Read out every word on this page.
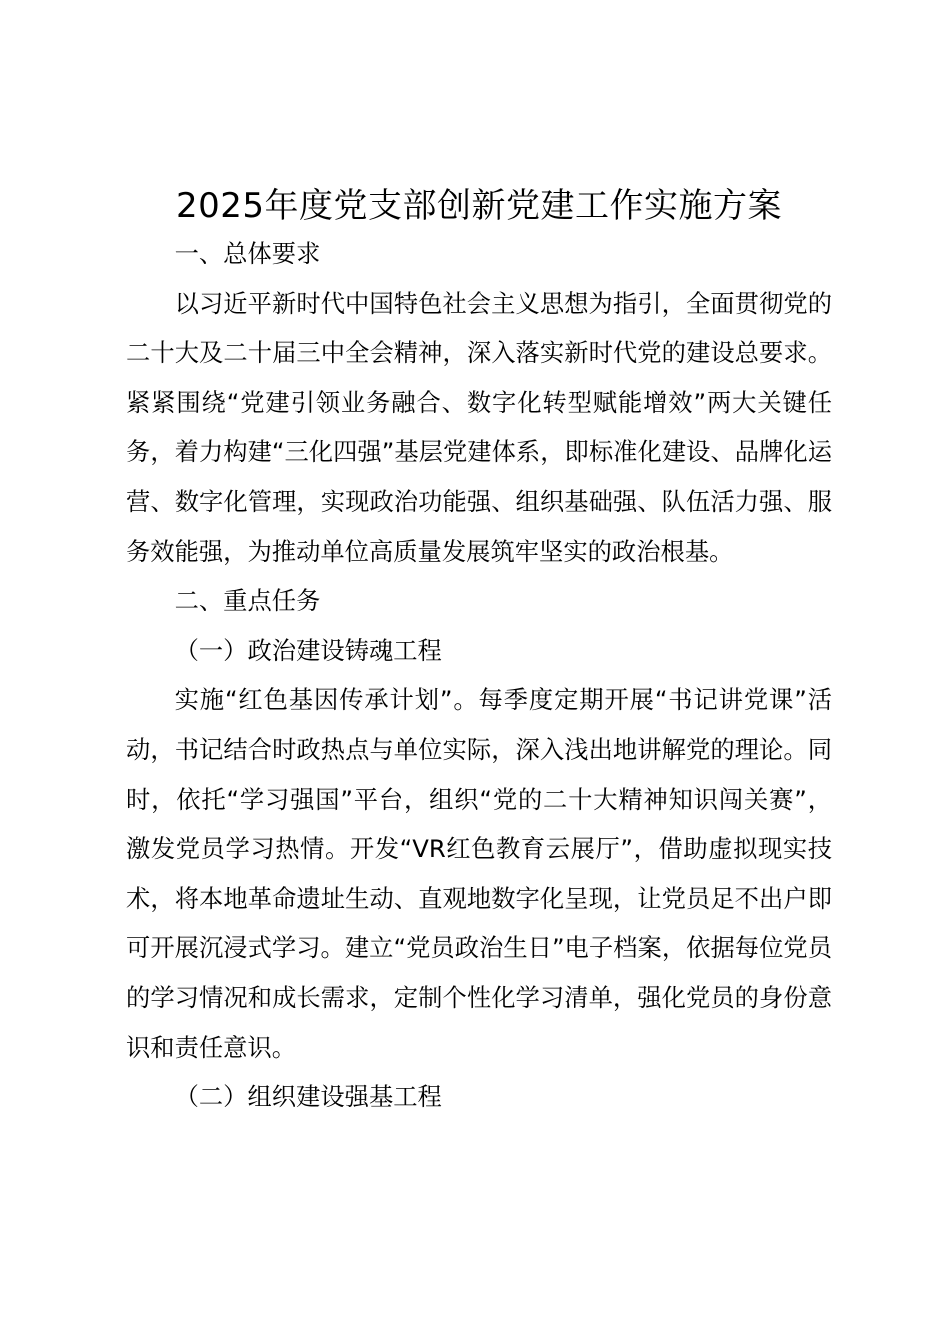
2025年度党支部创新党建工作实施方案

一、总体要求

以习近平新时代中国特色社会主义思想为指引，全面贯彻党的二十大及二十届三中全会精神，深入落实新时代党的建设总要求。紧紧围绕“党建引领业务融合、数字化转型赋能增效”两大关键任务，着力构建“三化四强”基层党建体系，即标准化建设、品牌化运营、数字化管理，实现政治功能强、组织基础强、队伍活力强、服务效能强，为推动单位高质量发展筑牢坚实的政治根基。

二、重点任务

（一）政治建设铸魂工程

实施“红色基因传承计划”。每季度定期开展“书记讲党课”活动，书记结合时政热点与单位实际，深入浅出地讲解党的理论。同时，依托“学习强国”平台，组织“党的二十大精神知识闯关赛”，激发党员学习热情。开发“VR红色教育云展厅”，借助虚拟现实技术，将本地革命遗址生动、直观地数字化呈现，让党员足不出户即可开展沉浸式学习。建立“党员政治生日”电子档案，依据每位党员的学习情况和成长需求，定制个性化学习清单，强化党员的身份意识和责任意识。

（二）组织建设强基工程
